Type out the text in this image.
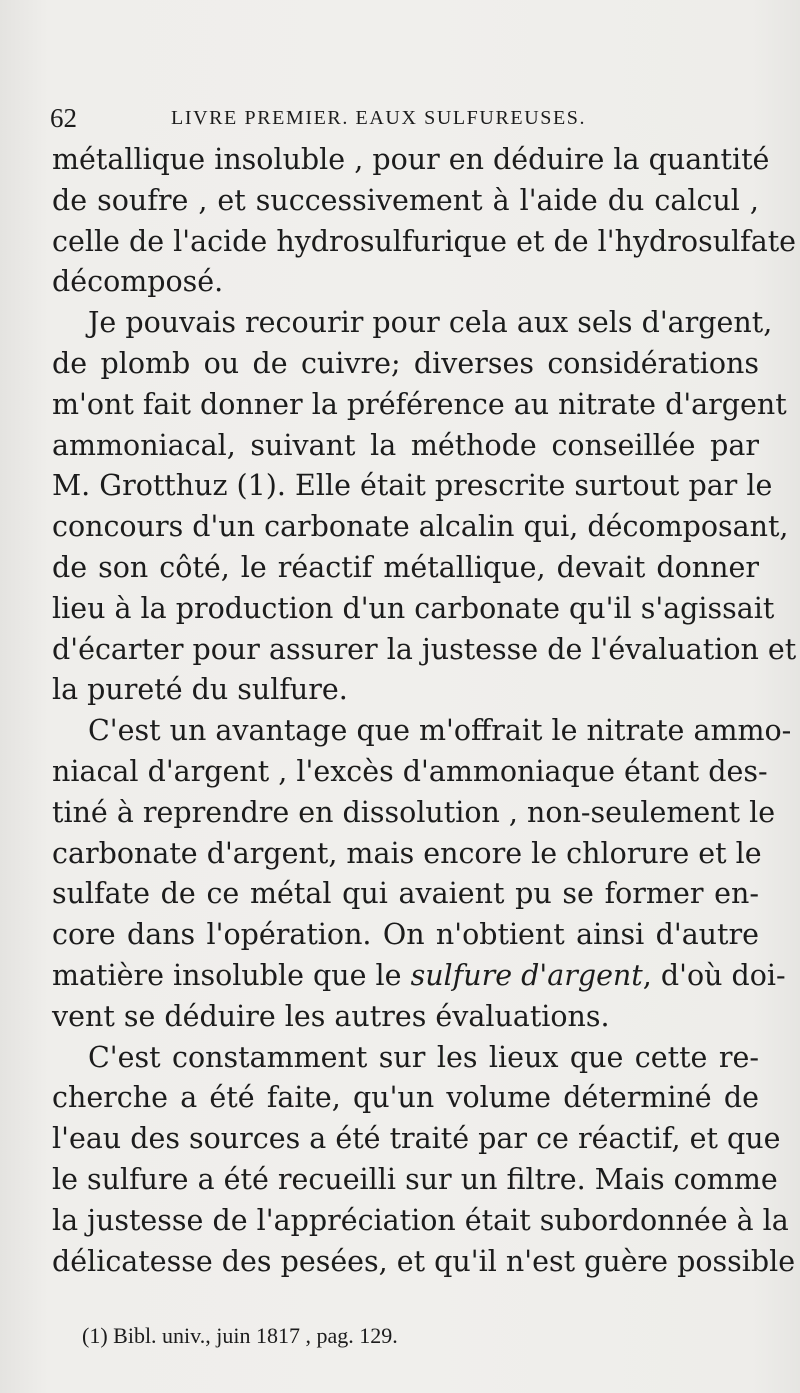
62	LIVRE PREMIER. EAUX SULFUREUSES.
métallique insoluble , pour en déduire la quantité
de soufre , et successivement à l'aide du calcul ,
celle de l'acide hydrosulfurique et de l'hydrosulfate
décomposé.
Je pouvais recourir pour cela aux sels d'argent,
de plomb ou de cuivre; diverses considérations
m'ont fait donner la préférence au nitrate d'argent
ammoniacal, suivant la méthode conseillée par
M. Grotthuz (1). Elle était prescrite surtout par le
concours d'un carbonate alcalin qui, décomposant,
de son côté, le réactif métallique, devait donner
lieu à la production d'un carbonate qu'il s'agissait
d'écarter pour assurer la justesse de l'évaluation et
la pureté du sulfure.
C'est un avantage que m'offrait le nitrate ammo-
niacal d'argent , l'excès d'ammoniaque étant des-
tiné à reprendre en dissolution , non-seulement le
carbonate d'argent, mais encore le chlorure et le
sulfate de ce métal qui avaient pu se former en-
core dans l'opération. On n'obtient ainsi d'autre
matière insoluble que le sulfure d'argent, d'où doi-
vent se déduire les autres évaluations.
C'est constamment sur les lieux que cette re-
cherche a été faite, qu'un volume déterminé de
l'eau des sources a été traité par ce réactif, et que
le sulfure a été recueilli sur un filtre. Mais comme
la justesse de l'appréciation était subordonnée à la
délicatesse des pesées, et qu'il n'est guère possible
(1) Bibl. univ., juin 1817 , pag. 129.
